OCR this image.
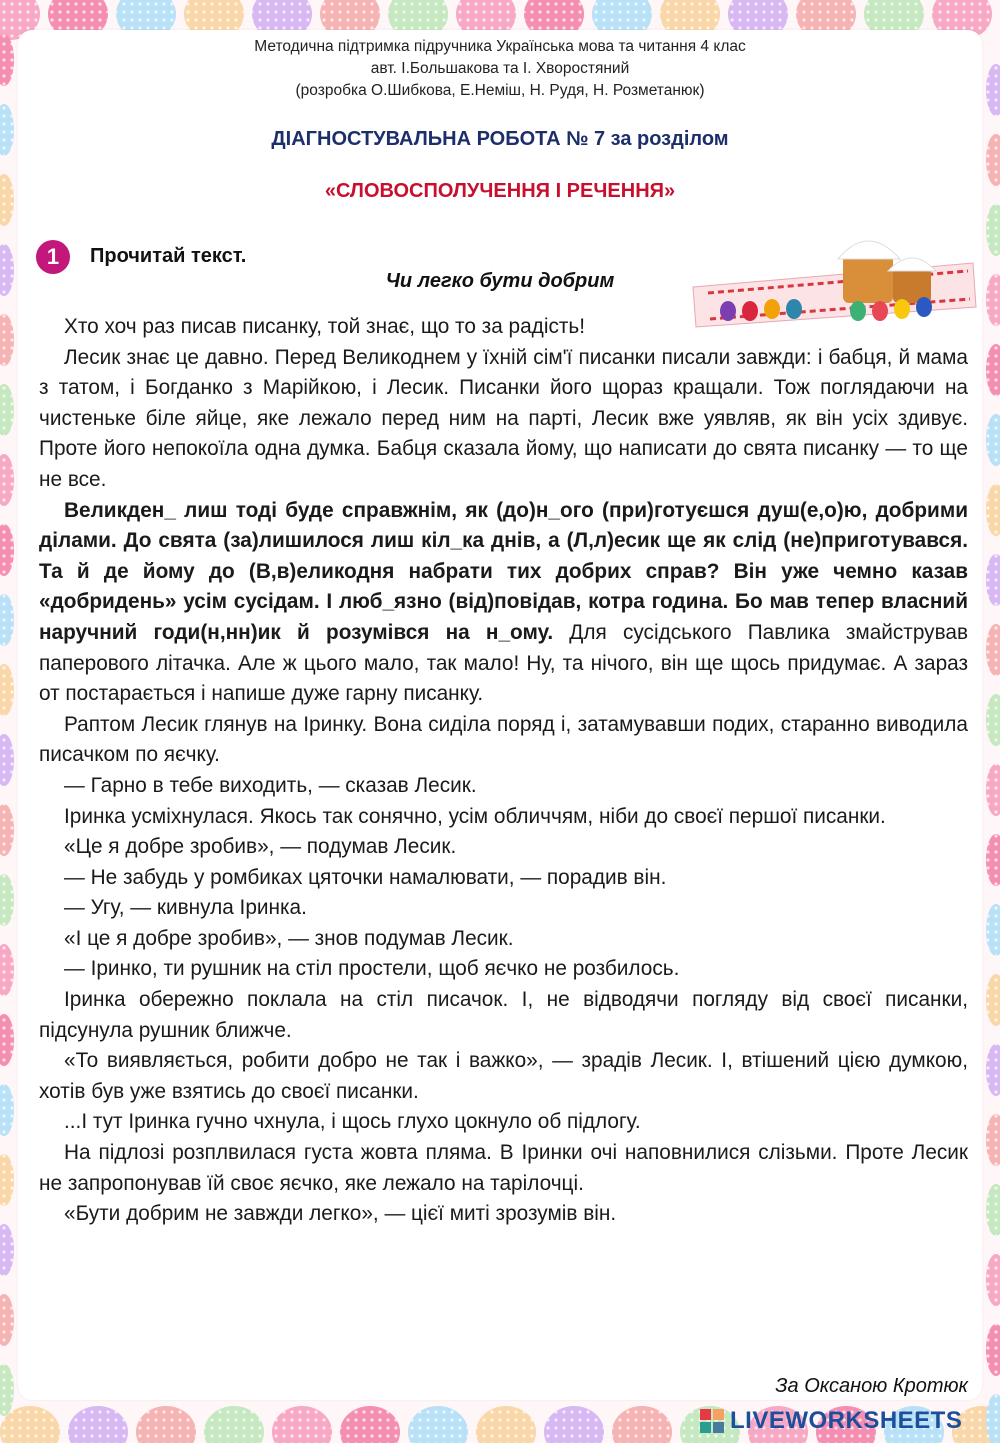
Методична підтримка підручника Українська мова та читання 4 клас
авт. І.Большакова та І. Хворостяний
(розробка О.Шибкова, Е.Неміш, Н. Рудя, Н. Розметанюк)
ДІАГНОСТУВАЛЬНА РОБОТА № 7 за розділом
«СЛОВОСПОЛУЧЕННЯ І РЕЧЕННЯ»
1	Прочитай текст.
Чи легко бути добрим

Хто хоч раз писав писанку, той знає, що то за радість!

Лесик знає це давно. Перед Великоднем у їхній сім'ї писанки писали завжди: і бабця, й мама з татом, і Богданко з Марійкою, і Лесик. Писанки його щораз кращали. Тож поглядаючи на чистеньке біле яйце, яке лежало перед ним на парті, Лесик вже уявляв, як він усіх здивує. Проте його непокоїла одна думка. Бабця сказала йому, що написати до свята писанку — то ще не все.

Великден_ лиш тоді буде справжнім, як (до)н_ого (при)готуєшся душ(е,о)ю, добрими ділами. До свята (за)лишилося лиш кіл_ка днів, а (Л,л)есик ще як слід (не)приготувався. Та й де йому до (В,в)еликодня набрати тих добрих справ? Він уже чемно казав «добридень» усім сусідам. І люб_язно (від)повідав, котра година. Бо мав тепер власний наручний годи(н,нн)ик й розумівся на н_ому. Для сусідського Павлика змайстрував паперового літачка. Але ж цього мало, так мало! Ну, та нічого, він ще щось придумає. А зараз от постарається і напише дуже гарну писанку.

Раптом Лесик глянув на Іринку. Вона сиділа поряд і, затамувавши подих, старанно виводила писачком по яєчку.

— Гарно в тебе виходить, — сказав Лесик.

Іринка усміхнулася. Якось так сонячно, усім обличчям, ніби до своєї першої писанки.

«Це я добре зробив», — подумав Лесик.

— Не забудь у ромбиках цяточки намалювати, — порадив він.

— Угу, — кивнула Іринка.

«І це я добре зробив», — знов подумав Лесик.

— Іринко, ти рушник на стіл простели, щоб яєчко не розбилось.

Іринка обережно поклала на стіл писачок. І, не відводячи погляду від своєї писанки, підсунула рушник ближче.

«То виявляється, робити добро не так і важко», — зрадів Лесик. І, втішений цією думкою, хотів був уже взятись до своєї писанки.

...І тут Іринка гучно чхнула, і щось глухо цокнуло об підлогу.

На підлозі розплвилася густа жовта пляма. В Іринки очі наповнилися слізьми. Проте Лесик не запропонував їй своє яєчко, яке лежало на тарілочці.

«Бути добрим не завжди легко», — цієї миті зрозумів він.

За Оксаною Кротюк
LIVEWORKSHEETS
